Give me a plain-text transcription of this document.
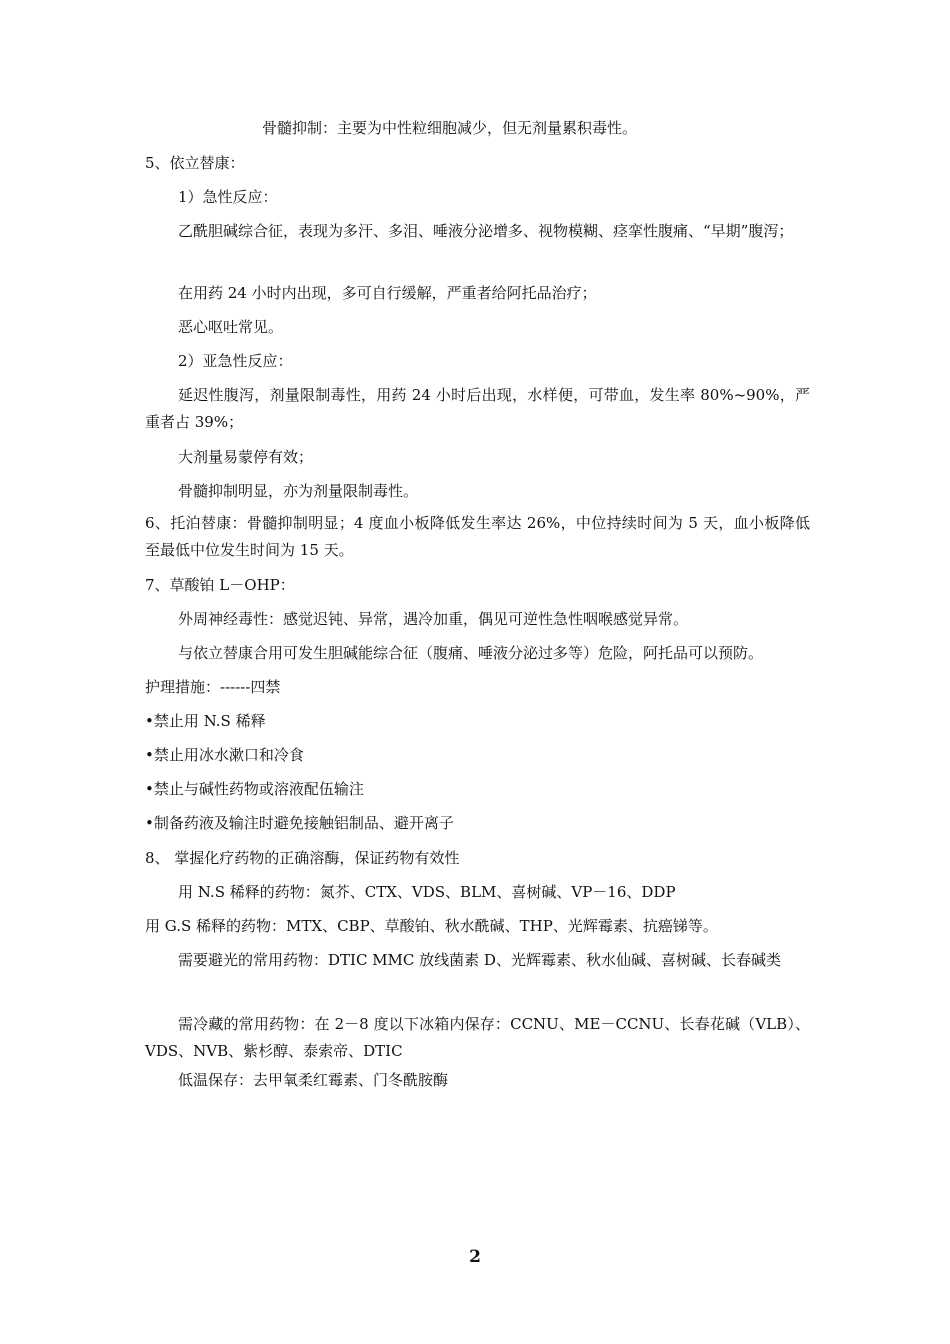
骨髓抑制：主要为中性粒细胞减少，但无剂量累积毒性。
5、依立替康：
1）急性反应：
乙酰胆碱综合征，表现为多汗、多泪、唾液分泌增多、视物模糊、痉挛性腹痛、“早期”腹泻；
在用药 24 小时内出现，多可自行缓解，严重者给阿托品治疗；
恶心呕吐常见。
2）亚急性反应：
延迟性腹泻，剂量限制毒性，用药 24 小时后出现，水样便，可带血，发生率 80%~90%，严重者占 39%；
大剂量易蒙停有效；
骨髓抑制明显，亦为剂量限制毒性。
6、托泊替康：骨髓抑制明显；4 度血小板降低发生率达 26%，中位持续时间为 5 天，血小板降低至最低中位发生时间为 15 天。
7、草酸铂 L－OHP：
外周神经毒性：感觉迟钝、异常，遇冷加重，偶见可逆性急性咽喉感觉异常。
与依立替康合用可发生胆碱能综合征（腹痛、唾液分泌过多等）危险，阿托品可以预防。
护理措施：------四禁
•禁止用 N.S 稀释
•禁止用冰水漱口和冷食
•禁止与碱性药物或溶液配伍输注
•制备药液及输注时避免接触铝制品、避开离子
8、 掌握化疗药物的正确溶酶，保证药物有效性
用 N.S 稀释的药物：氮芥、CTX、VDS、BLM、喜树碱、VP－16、DDP
用 G.S 稀释的药物：MTX、CBP、草酸铂、秋水酰碱、THP、光辉霉素、抗癌锑等。
需要避光的常用药物：DTIC MMC 放线菌素 D、光辉霉素、秋水仙碱、喜树碱、长春碱类
需冷藏的常用药物：在 2－8 度以下冰箱内保存：CCNU、ME－CCNU、长春花碱（VLB）、VDS、NVB、紫杉醇、泰索帝、DTIC
低温保存：去甲氧柔红霉素、门冬酰胺酶
2
